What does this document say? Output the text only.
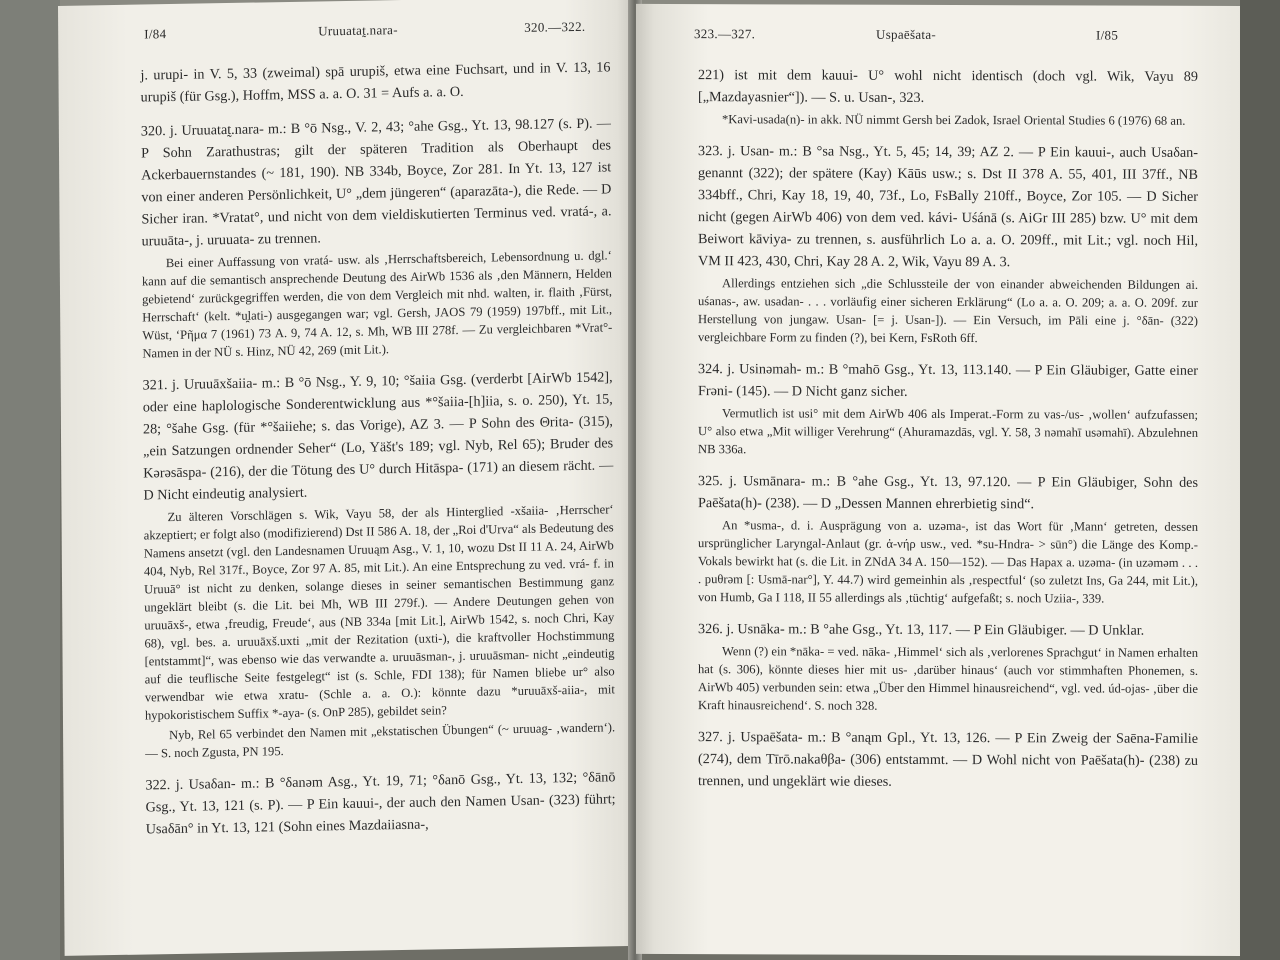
I/84	Uruuatat̰.nara-	320.—322.

j. urupi- in V. 5, 33 (zweimal) spā urupiš, etwa eine Fuchsart, und in V. 13, 16 urupiš (für Gsg.), Hoffm, MSS a. a. O. 31 = Aufs a. a. O.

320. j. Uruuatat̰.nara- m.: B °ō Nsg., V. 2, 43; °ahe Gsg., Yt. 13, 98.127 (s. P). — P Sohn Zarathustras; gilt der späteren Tradition als Oberhaupt des Ackerbauernstandes (~ 181, 190). NB 334b, Boyce, Zor 281. In Yt. 13, 127 ist von einer anderen Persönlichkeit, U° „dem jüngeren“ (aparazāta-), die Rede. — D Sicher iran. *Vratat°, und nicht von dem vieldiskutierten Terminus ved. vratá-, a. uruuāta-, j. uruuata- zu trennen.

Bei einer Auffassung von vratá- usw. als ‚Herrschaftsbereich, Lebensordnung u. dgl.‘ kann auf die semantisch ansprechende Deutung des AirWb 1536 als ‚den Männern, Helden gebietend‘ zurückgegriffen werden, die von dem Vergleich mit nhd. walten, ir. flaith ‚Fürst, Herrschaft‘ (kelt. *u̯lati-) ausgegangen war; vgl. Gersh, JAOS 79 (1959) 197bff., mit Lit., Wüst, ‘Pῆμα 7 (1961) 73 A. 9, 74 A. 12, s. Mh, WB III 278f. — Zu vergleichbaren *Vrat°-Namen in der NÜ s. Hinz, NÜ 42, 269 (mit Lit.).

321. j. Uruuāxšaiia- m.: B °ō Nsg., Y. 9, 10; °šaiia Gsg. (verderbt [AirWb 1542], oder eine haplologische Sonderentwicklung aus *°šaiia-[h]iia, s. o. 250), Yt. 15, 28; °šahe Gsg. (für *°šaiiehe; s. das Vorige), AZ 3. — P Sohn des Θrita- (315), „ein Satzungen ordnender Seher“ (Lo, Yäšt's 189; vgl. Nyb, Rel 65); Bruder des Kərəsāspa- (216), der die Tötung des U° durch Hitāspa- (171) an diesem rächt. — D Nicht eindeutig analysiert.

Zu älteren Vorschlägen s. Wik, Vayu 58, der als Hinterglied -xšaiia- ‚Herrscher‘ akzeptiert; er folgt also (modifizierend) Dst II 586 A. 18, der „Roi d'Urva“ als Bedeutung des Namens ansetzt (vgl. den Landesnamen Uruuąm Asg., V. 1, 10, wozu Dst II 11 A. 24, AirWb 404, Nyb, Rel 317f., Boyce, Zor 97 A. 85, mit Lit.). An eine Entsprechung zu ved. vrá- f. in Uruuā° ist nicht zu denken, solange dieses in seiner semantischen Bestimmung ganz ungeklärt bleibt (s. die Lit. bei Mh, WB III 279f.). — Andere Deutungen gehen von uruuāxš-, etwa ‚freudig, Freude‘, aus (NB 334a [mit Lit.], AirWb 1542, s. noch Chri, Kay 68), vgl. bes. a. uruuāxš.uxti „mit der Rezitation (uxti-), die kraftvoller Hochstimmung [entstammt]“, was ebenso wie das verwandte a. uruuāsman-, j. uruuāsman- nicht „eindeutig auf die teuflische Seite festgelegt“ ist (s. Schle, FDI 138); für Namen bliebe ur° also verwendbar wie etwa xratu- (Schle a. a. O.): könnte dazu *uruuāxš-aiia-, mit hypokoristischem Suffix *-aya- (s. OnP 285), gebildet sein?

Nyb, Rel 65 verbindet den Namen mit „ekstatischen Übungen“ (~ uruuag- ‚wandern‘). — S. noch Zgusta, PN 195.

322. j. Usaδan- m.: B °δanəm Asg., Yt. 19, 71; °δanō Gsg., Yt. 13, 132; °δānō Gsg., Yt. 13, 121 (s. P). — P Ein kauui-, der auch den Namen Usan- (323) führt; Usaδān° in Yt. 13, 121 (Sohn eines Mazdaiiasna-,

323.—327.	Uspaēšata-	I/85

221) ist mit dem kauui- U° wohl nicht identisch (doch vgl. Wik, Vayu 89 [„Mazdayasnier“]). — S. u. Usan-, 323.

*Kavi-usada(n)- in akk. NÜ nimmt Gersh bei Zadok, Israel Oriental Studies 6 (1976) 68 an.

323. j. Usan- m.: B °sa Nsg., Yt. 5, 45; 14, 39; AZ 2. — P Ein kauui-, auch Usaδan- genannt (322); der spätere (Kay) Kāūs usw.; s. Dst II 378 A. 55, 401, III 37ff., NB 334bff., Chri, Kay 18, 19, 40, 73f., Lo, FsBally 210ff., Boyce, Zor 105. — D Sicher nicht (gegen AirWb 406) von dem ved. kávi- Uśánā (s. AiGr III 285) bzw. U° mit dem Beiwort kāviya- zu trennen, s. ausführlich Lo a. a. O. 209ff., mit Lit.; vgl. noch Hil, VM II 423, 430, Chri, Kay 28 A. 2, Wik, Vayu 89 A. 3.

Allerdings entziehen sich „die Schlussteile der von einander abweichenden Bildungen ai. uśanas-, aw. usadan- . . . vorläufig einer sicheren Erklärung“ (Lo a. a. O. 209; a. a. O. 209f. zur Herstellung von jungaw. Usan- [= j. Usan-]). — Ein Versuch, im Pāli eine j. °δān- (322) vergleichbare Form zu finden (?), bei Kern, FsRoth 6ff.

324. j. Usinəmah- m.: B °mahō Gsg., Yt. 13, 113.140. — P Ein Gläubiger, Gatte einer Frəni- (145). — D Nicht ganz sicher.

Vermutlich ist usi° mit dem AirWb 406 als Imperat.-Form zu vas-/us- ‚wollen‘ aufzufassen; U° also etwa „Mit williger Verehrung“ (Ahuramazdās, vgl. Y. 58, 3 nəmahī usəmahī). Abzulehnen NB 336a.

325. j. Usmānara- m.: B °ahe Gsg., Yt. 13, 97.120. — P Ein Gläubiger, Sohn des Paēšata(h)- (238). — D „Dessen Mannen ehrerbietig sind“.

An *usma-, d. i. Ausprägung von a. uzəma-, ist das Wort für ‚Mann‘ getreten, dessen ursprünglicher Laryngal-Anlaut (gr. ἀ-νήρ usw., ved. *su-Hndra- > sūn°) die Länge des Komp.-Vokals bewirkt hat (s. die Lit. in ZNdA 34 A. 150—152). — Das Hapax a. uzəma- (in uzəməm . . . . puθrəm [: Usmā-nar°], Y. 44.7) wird gemeinhin als ‚respectful‘ (so zuletzt Ins, Ga 244, mit Lit.), von Humb, Ga I 118, II 55 allerdings als ‚tüchtig‘ aufgefaßt; s. noch Uziia-, 339.

326. j. Usnāka- m.: B °ahe Gsg., Yt. 13, 117. — P Ein Gläubiger. — D Unklar.

Wenn (?) ein *nāka- = ved. nāka- ‚Himmel‘ sich als ‚verlorenes Sprachgut‘ in Namen erhalten hat (s. 306), könnte dieses hier mit us- ‚darüber hinaus‘ (auch vor stimmhaften Phonemen, s. AirWb 405) verbunden sein: etwa „Über den Himmel hinausreichend“, vgl. ved. úd-ojas- ‚über die Kraft hinausreichend‘. S. noch 328.

327. j. Uspaēšata- m.: B °anąm Gpl., Yt. 13, 126. — P Ein Zweig der Saēna-Familie (274), dem Tīrō.nakaθβa- (306) entstammt. — D Wohl nicht von Paēšata(h)- (238) zu trennen, und ungeklärt wie dieses.
